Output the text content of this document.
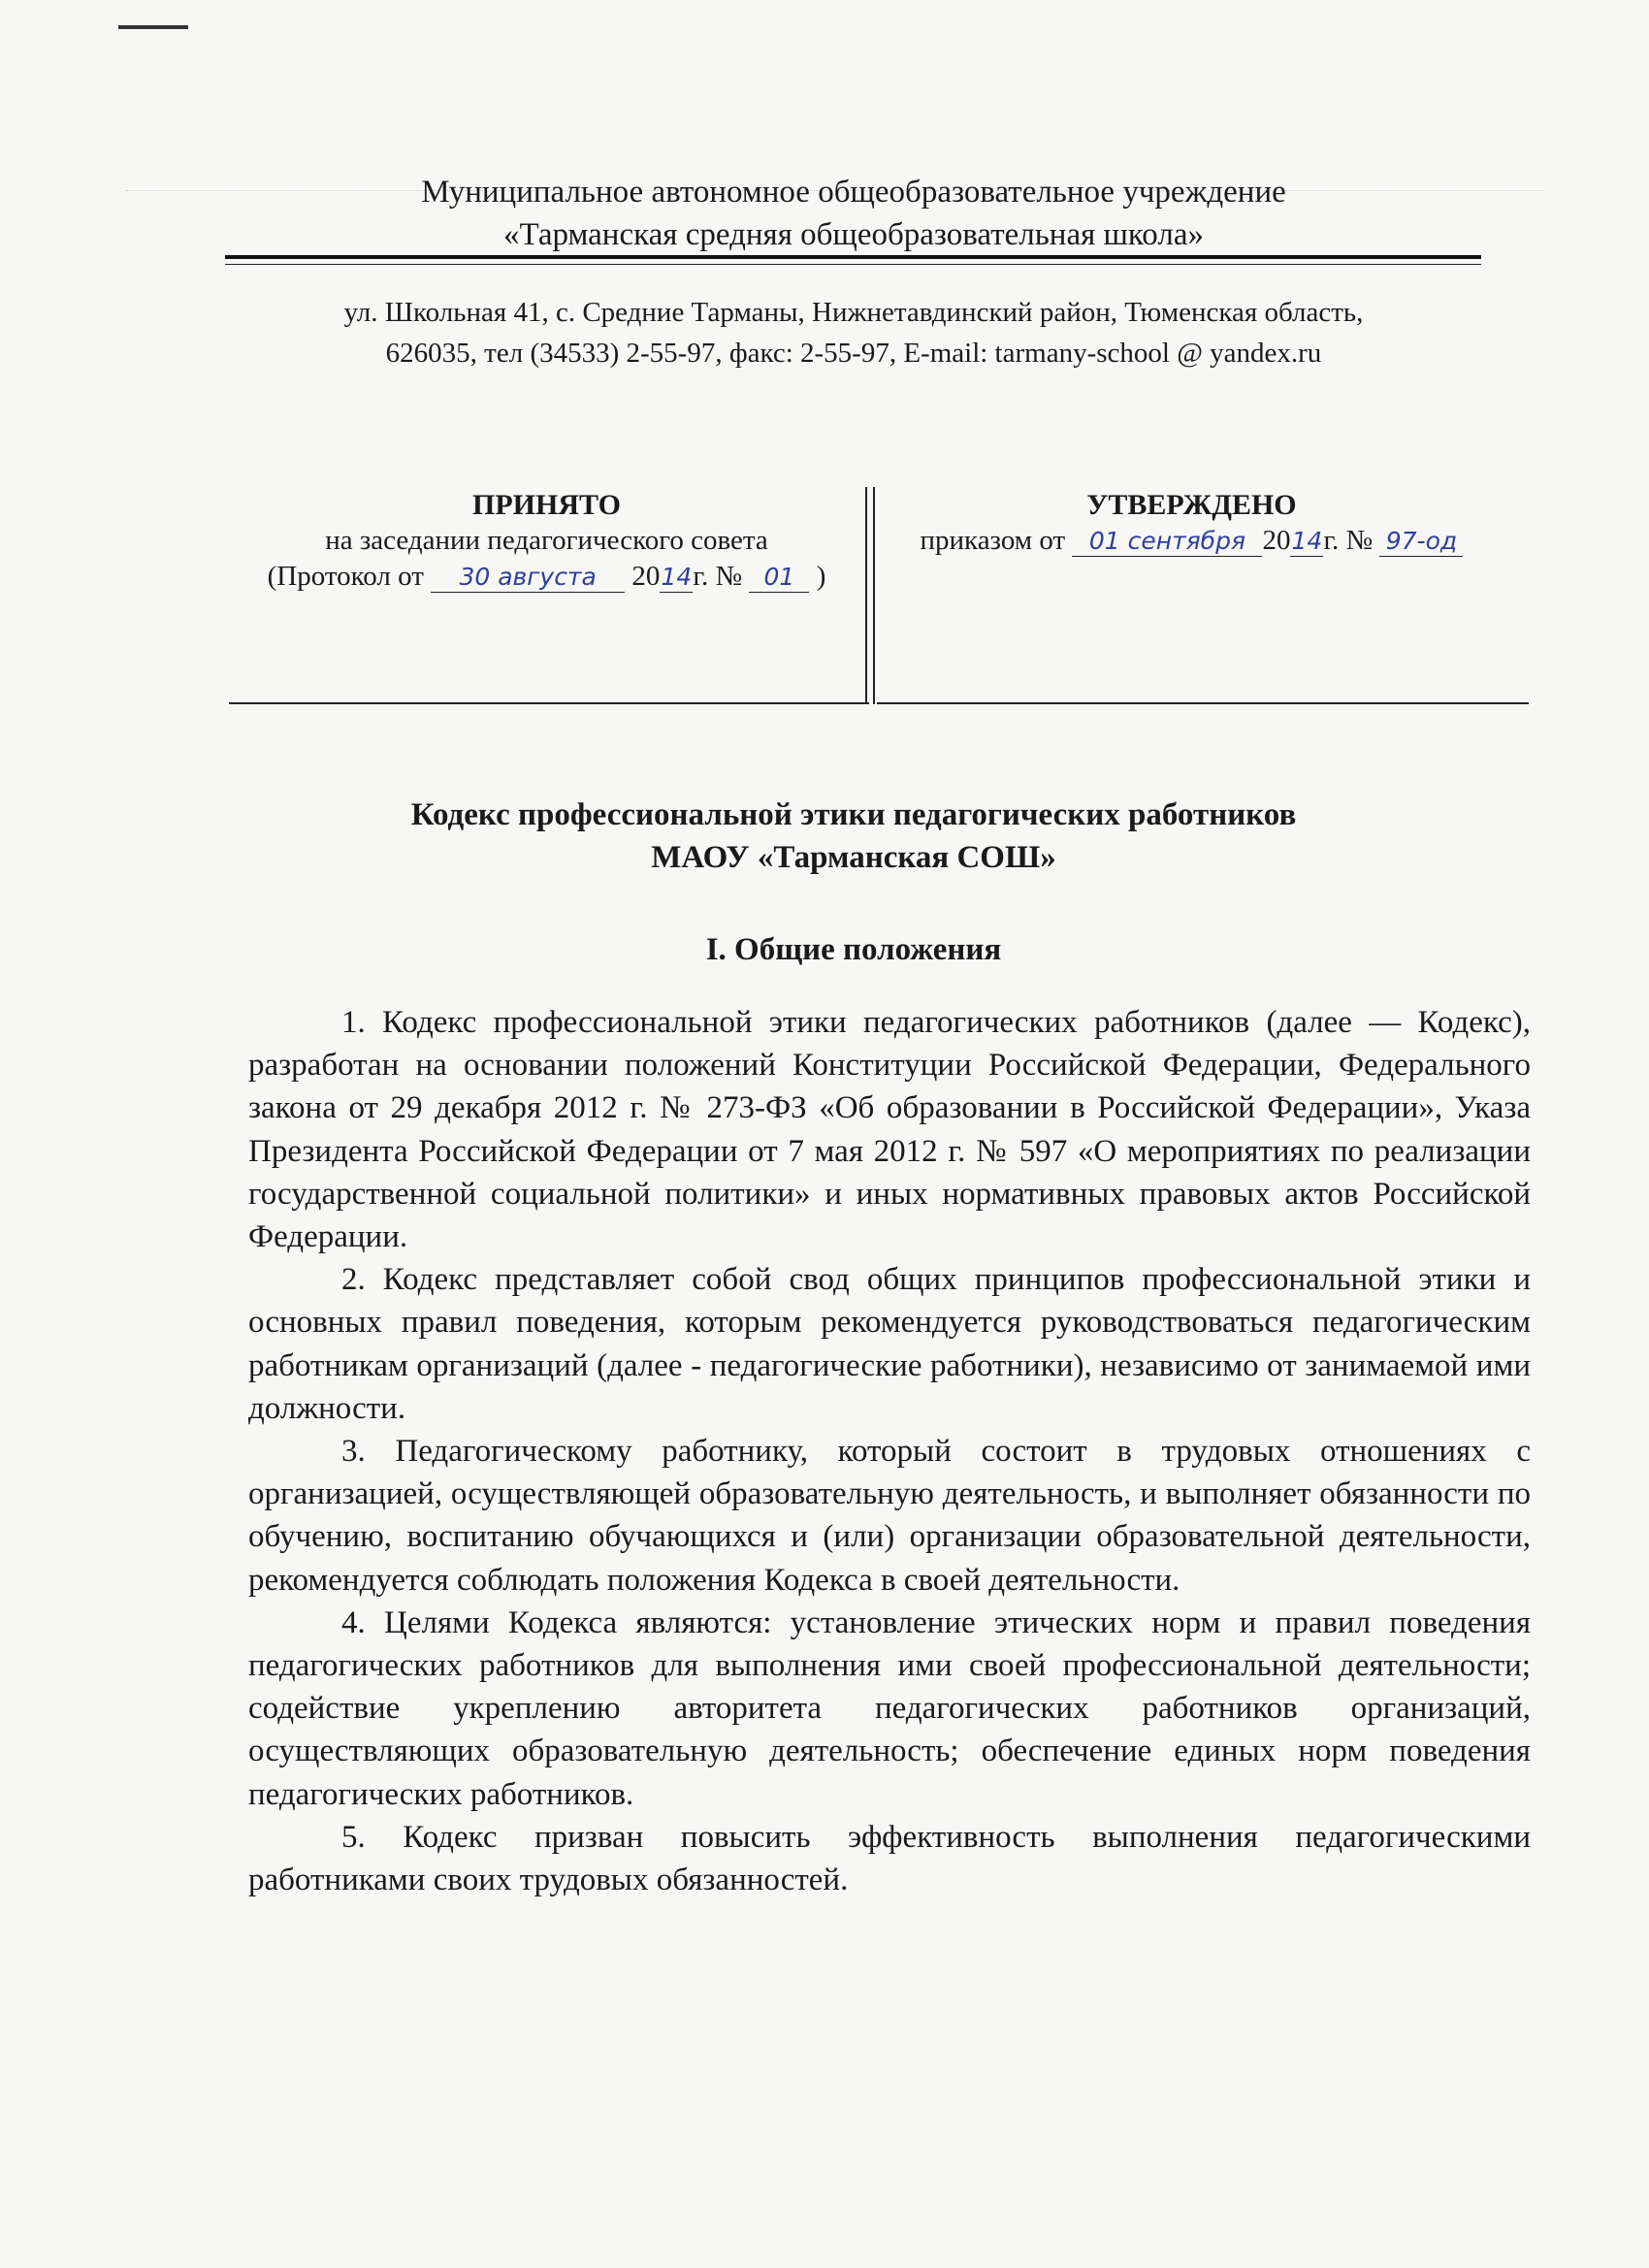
Муниципальное автономное общеобразовательное учреждение
«Тарманская средняя общеобразовательная школа»
ул. Школьная 41, с. Средние Тарманы, Нижнетавдинский район, Тюменская область,
626035, тел (34533) 2-55-97, факс: 2-55-97, E-mail: tarmany-school @ yandex.ru
ПРИНЯТО
на заседании педагогического совета
(Протокол от 30 августа 2014г. № 01 )
УТВЕРЖДЕНО
приказом от 01 сентября 2014г. № 97-од
Кодекс профессиональной этики педагогических работников
МАОУ «Тарманская СОШ»
I. Общие положения

1. Кодекс профессиональной этики педагогических работников (далее — Кодекс), разработан на основании положений Конституции Российской Федерации, Федерального закона от 29 декабря 2012 г. № 273-ФЗ «Об образовании в Российской Федерации», Указа Президента Российской Федерации от 7 мая 2012 г. № 597 «О мероприятиях по реализации государственной социальной политики» и иных нормативных правовых актов Российской Федерации.

2. Кодекс представляет собой свод общих принципов профессиональной этики и основных правил поведения, которым рекомендуется руководствоваться педагогическим работникам организаций (далее - педагогические работники), независимо от занимаемой ими должности.

3. Педагогическому работнику, который состоит в трудовых отношениях с организацией, осуществляющей образовательную деятельность, и выполняет обязанности по обучению, воспитанию обучающихся и (или) организации образовательной деятельности, рекомендуется соблюдать положения Кодекса в своей деятельности.

4. Целями Кодекса являются: установление этических норм и правил поведения педагогических работников для выполнения ими своей профессиональной деятельности; содействие укреплению авторитета педагогических работников организаций, осуществляющих образовательную деятельность; обеспечение единых норм поведения педагогических работников.

5. Кодекс призван повысить эффективность выполнения педагогическими работниками своих трудовых обязанностей.
